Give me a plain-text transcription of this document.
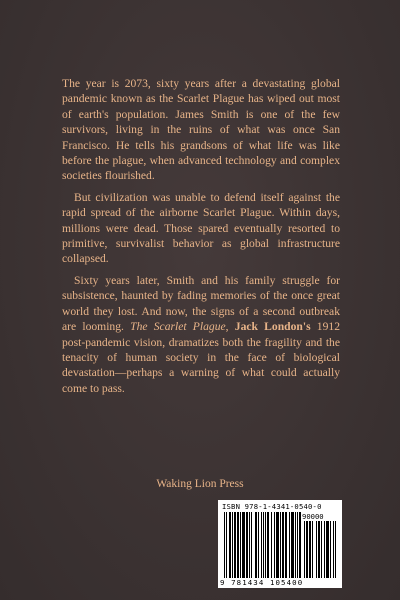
The year is 2073, sixty years after a devastating global pandemic known as the Scarlet Plague has wiped out most of earth's population. James Smith is one of the few survivors, living in the ruins of what was once San Francisco. He tells his grandsons of what life was like before the plague, when advanced technology and complex societies flourished.

But civilization was unable to defend itself against the rapid spread of the airborne Scarlet Plague. Within days, millions were dead. Those spared eventually resorted to primitive, survivalist behavior as global infrastructure collapsed.

Sixty years later, Smith and his family struggle for subsistence, haunted by fading memories of the once great world they lost. And now, the signs of a second outbreak are looming. The Scarlet Plague, Jack London's 1912 post-pandemic vision, dramatizes both the fragility and the tenacity of human society in the face of biological devastation—perhaps a warning of what could actually come to pass.

Waking Lion Press
ISBN 978-1-4341-0540-0
90000
9 781434 105400
